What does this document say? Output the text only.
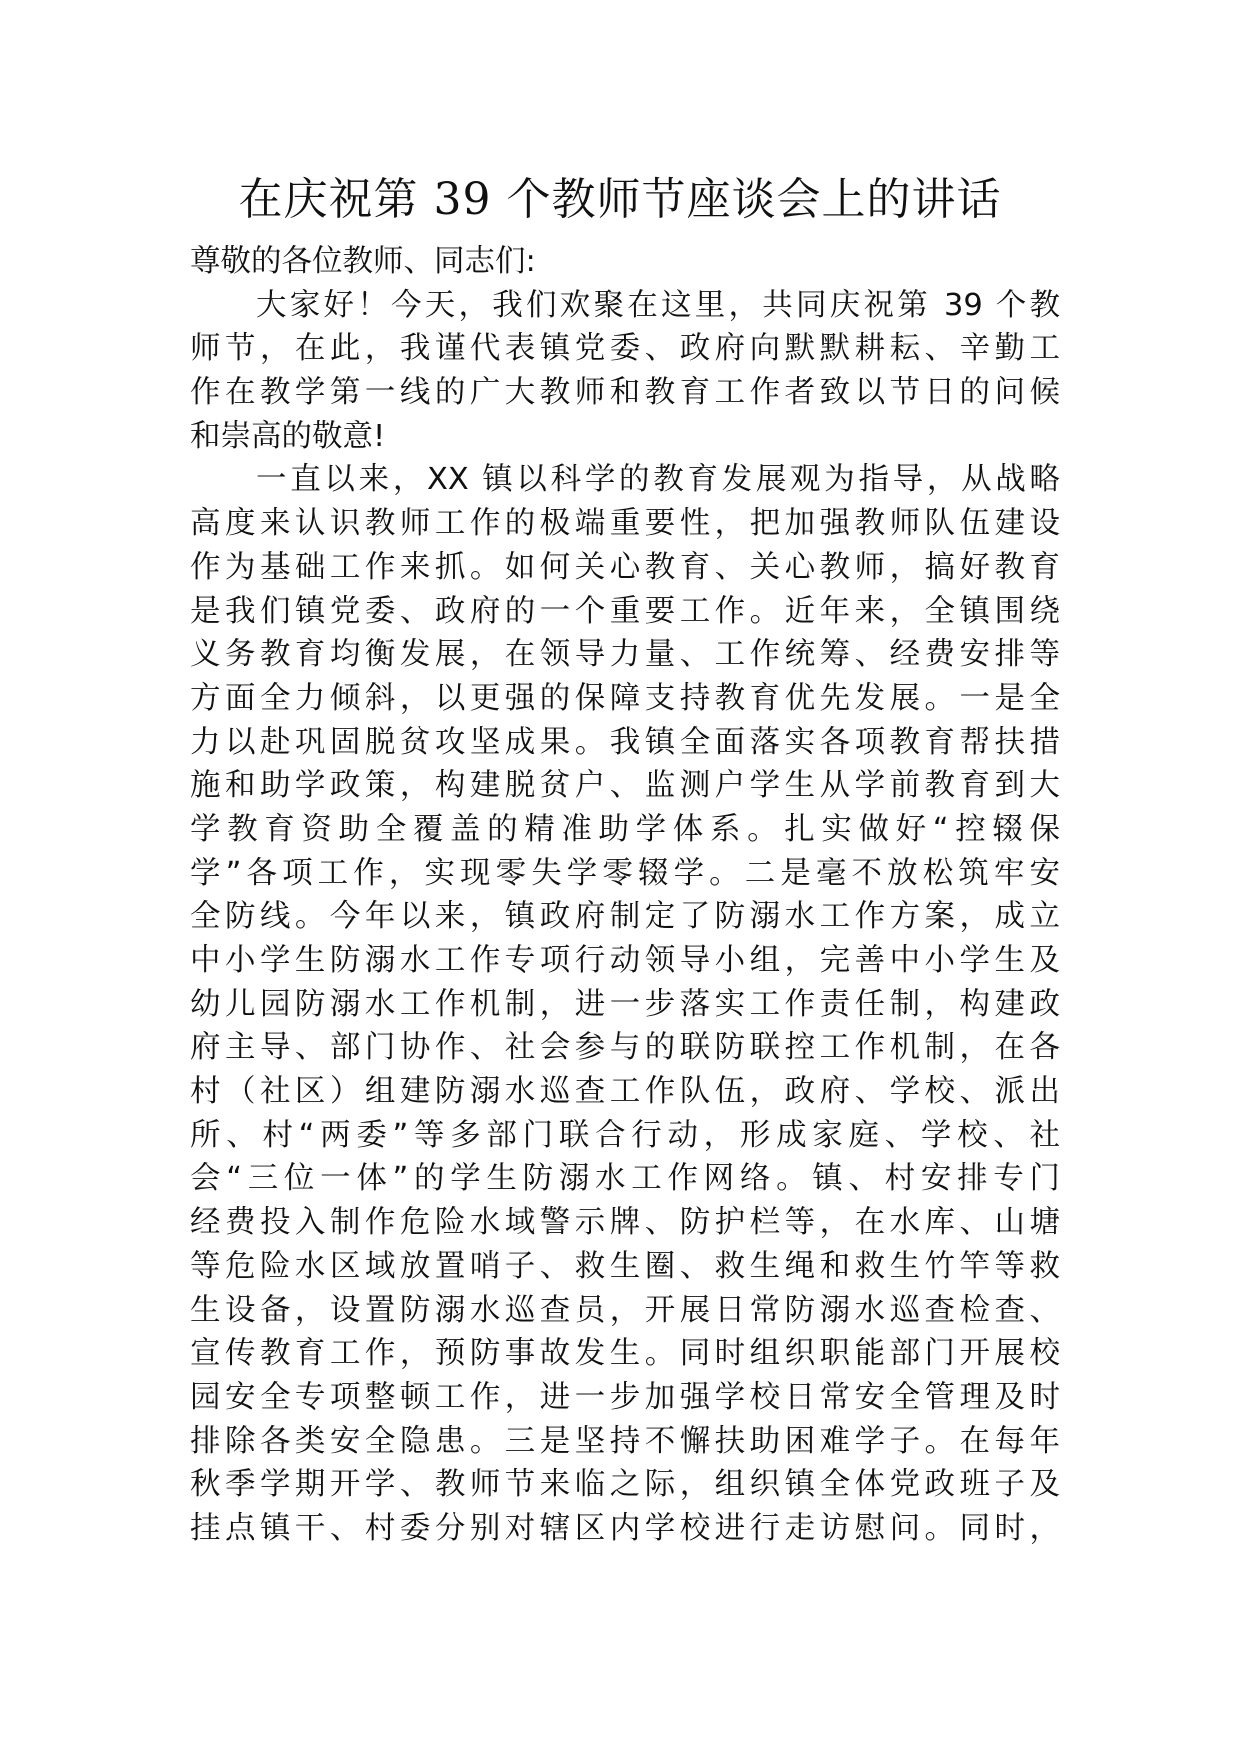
在庆祝第 39 个教师节座谈会上的讲话
尊敬的各位教师、同志们:
大家好！今天，我们欢聚在这里，共同庆祝第 39 个教
师节，在此，我谨代表镇党委、政府向默默耕耘、辛勤工
作在教学第一线的广大教师和教育工作者致以节日的问候
和崇高的敬意!
一直以来，XX 镇以科学的教育发展观为指导，从战略
高度来认识教师工作的极端重要性，把加强教师队伍建设
作为基础工作来抓。如何关心教育、关心教师，搞好教育
是我们镇党委、政府的一个重要工作。近年来，全镇围绕
义务教育均衡发展，在领导力量、工作统筹、经费安排等
方面全力倾斜，以更强的保障支持教育优先发展。一是全
力以赴巩固脱贫攻坚成果。我镇全面落实各项教育帮扶措
施和助学政策，构建脱贫户、监测户学生从学前教育到大
学教育资助全覆盖的精准助学体系。扎实做好“控辍保
学”各项工作，实现零失学零辍学。二是毫不放松筑牢安
全防线。今年以来，镇政府制定了防溺水工作方案，成立
中小学生防溺水工作专项行动领导小组，完善中小学生及
幼儿园防溺水工作机制，进一步落实工作责任制，构建政
府主导、部门协作、社会参与的联防联控工作机制，在各
村（社区）组建防溺水巡查工作队伍，政府、学校、派出
所、村“两委”等多部门联合行动，形成家庭、学校、社
会“三位一体”的学生防溺水工作网络。镇、村安排专门
经费投入制作危险水域警示牌、防护栏等，在水库、山塘
等危险水区域放置哨子、救生圈、救生绳和救生竹竿等救
生设备，设置防溺水巡查员，开展日常防溺水巡查检查、
宣传教育工作，预防事故发生。同时组织职能部门开展校
园安全专项整顿工作，进一步加强学校日常安全管理及时
排除各类安全隐患。三是坚持不懈扶助困难学子。在每年
秋季学期开学、教师节来临之际，组织镇全体党政班子及
挂点镇干、村委分别对辖区内学校进行走访慰问。同时，
